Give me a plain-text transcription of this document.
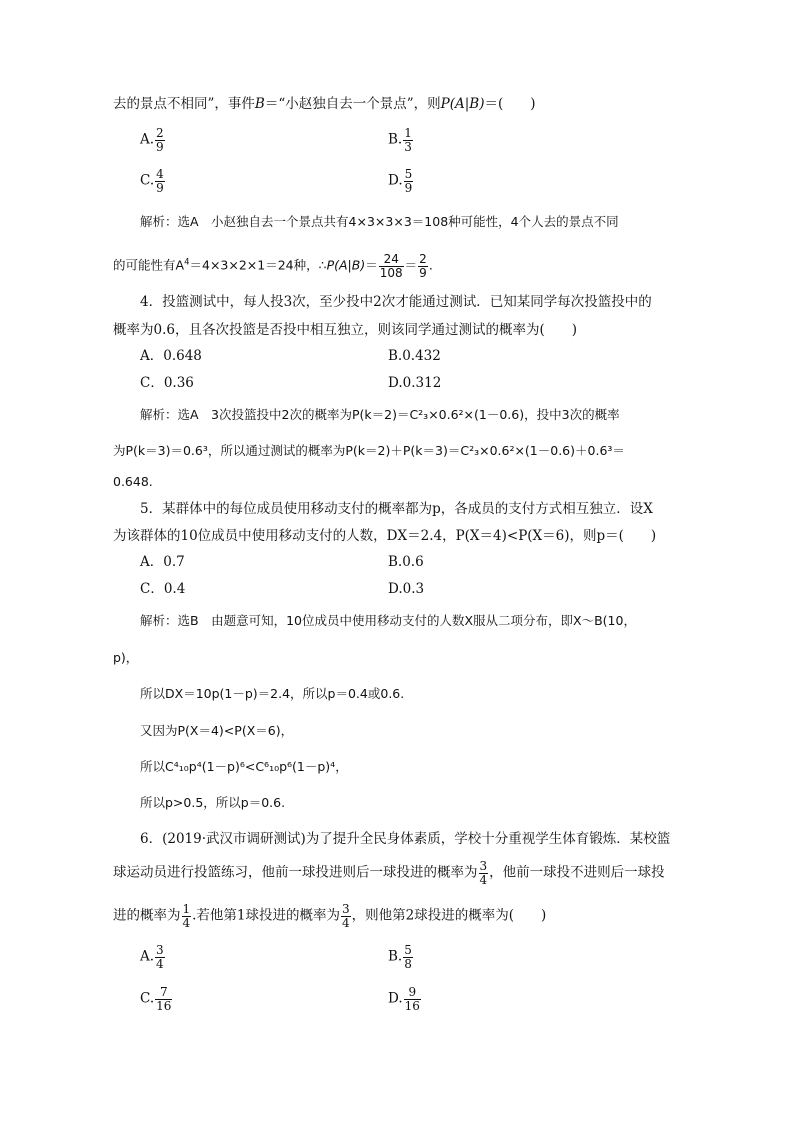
去的景点不相同”，事件B＝“小赵独自去一个景点”，则P(A|B)＝(　　)
A. $\frac{2}{9}$	B. $\frac{1}{3}$
C. $\frac{4}{9}$	D. $\frac{5}{9}$
解析：选A　小赵独自去一个景点共有4×3×3×3＝108种可能性，4个人去的景点不同
的可能性有$A^4=4\times 3\times 2\times 1=24$种，∴P(A|B)＝ $\frac{24}{108} = \frac{2}{9}$ .
4．投篮测试中，每人投3次，至少投中2次才能通过测试．已知某同学每次投篮投中的
概率为0.6，且各次投篮是否投中相互独立，则该同学通过测试的概率为(　　)
A．0.648	B.0.432
C．0.36	D.0.312
解析：选A　3次投篮投中2次的概率为P(k＝2)＝C²₃×0.6²×(1－0.6)，投中3次的概率
为P(k＝3)＝0.6³，所以通过测试的概率为P(k＝2)＋P(k＝3)＝C²₃×0.6²×(1－0.6)＋0.6³＝
0.648.
5．某群体中的每位成员使用移动支付的概率都为p，各成员的支付方式相互独立．设X
为该群体的10位成员中使用移动支付的人数，DX＝2.4，P(X＝4)<P(X＝6)，则p＝(　　)
A．0.7	B.0.6
C．0.4	D.0.3
解析：选B　由题意可知，10位成员中使用移动支付的人数X服从二项分布，即X～B(10，
p)，
所以DX＝10p(1－p)＝2.4，所以p＝0.4或0.6.
又因为P(X＝4)<P(X＝6)，
所以C⁴₁₀p⁴(1－p)⁶<C⁶₁₀p⁶(1－p)⁴，
所以p>0.5，所以p＝0.6.
6．(2019·武汉市调研测试)为了提升全民身体素质，学校十分重视学生体育锻炼．某校篮
球运动员进行投篮练习，他前一球投进则后一球投进的概率为 $\frac{3}{4}$ ，他前一球投不进则后一球投
进的概率为 $\frac{1}{4}$ .若他第1球投进的概率为 $\frac{3}{4}$ ，则他第2球投进的概率为(　　)
A. $\frac{3}{4}$	B. $\frac{5}{8}$
C. $\frac{7}{16}$	D. $\frac{9}{16}$
